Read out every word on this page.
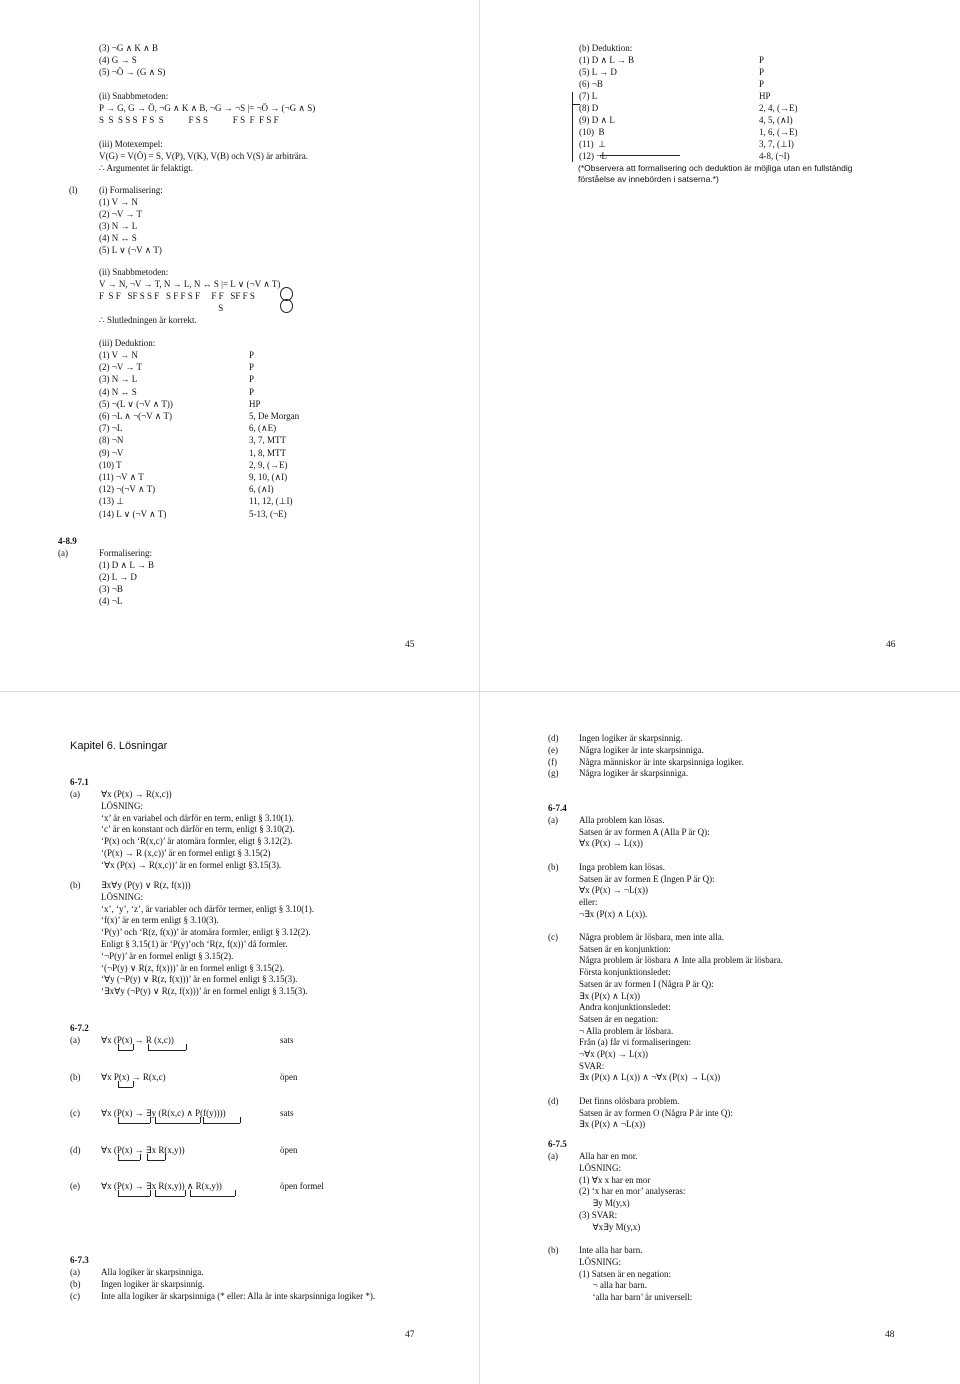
(3) ¬G ∧ K ∧ B
(4) G → S
(5) ¬Ö → (G ∧ S)
(ii) Snabbmetoden:
P → G, G → Ö, ¬G ∧ K ∧ B, ¬G → ¬S |= ¬Ö → (¬G ∧ S)
S  S  S S S  F S  S           F S S           F S  F  F S F
(iii) Motexempel:
V(G) = V(Ö) = S, V(P), V(K), V(B) och V(S) är arbiträra.
∴ Argumentet är felaktigt.
(l) (i) Formalisering:
(1) V → N
(2) ¬V → T
(3) N → L
(4) N ↔ S
(5) L ∨ (¬V ∧ T)
(ii) Snabbmetoden:
V → N, ¬V → T, N → L, N ↔ S |= L ∨ (¬V ∧ T)
F  S F   SF S S F   S F F S F     F F   SF F S
S
∴ Slutledningen är korrekt.
(iii) Deduktion:
(1) V → N	P
(2) ¬V → T	P
(3) N → L	P
(4) N ↔ S	P
(5) ¬(L ∨ (¬V ∧ T))	HP
(6) ¬L ∧ ¬(¬V ∧ T)	5, De Morgan
(7) ¬L	6, (∧E)
(8) ¬N	3, 7, MTT
(9) ¬V	1, 8, MTT
(10) T	2, 9, (→E)
(11) ¬V ∧ T	9, 10, (∧I)
(12) ¬(¬V ∧ T)	6, (∧I)
(13) ⊥	11, 12, (⊥I)
(14) L ∨ (¬V ∧ T)	5-13, (¬E)
4-8.9
(a)	Formalisering:
(1) D ∧ L → B
(2) L → D
(3) ¬B
(4) ¬L
45
(b) Deduktion:
(1) D ∧ L → B	P
(5) L → D	P
(6) ¬B	P
(7) L	HP
(8) D	2, 4, (→E)
(9) D ∧ L	4, 5, (∧I)
(10)  B	1, 6, (→E)
(11)  ⊥	3, 7, (⊥I)
(12) ¬L	4-8, (¬I)
(*Observera att formalisering och deduktion är möjliga utan en fullständig
förståelse av innebörden i satserna.*)
46
Kapitel 6. Lösningar
6-7.1
(a) ∀x (P(x) → R(x,c))
LÖSNING:
‘x’ är en variabel och därför en term, enligt § 3.10(1).
‘c’ är en konstant och därför en term, enligt § 3.10(2).
‘P(x) och ‘R(x,c)’ är atomära formler, eligt § 3.12(2).
‘(P(x) → R (x,c))’ är en formel enligt § 3.15(2)
‘∀x (P(x) → R(x,c))’ är en formel enligt §3.15(3).
(b) ∃x∀y (P(y) ∨ R(z, f(x)))
LÖSNING:
‘x’, ‘y’, ‘z’, är variabler och därför termer, enligt § 3.10(1).
‘f(x)’ är en term enligt § 3.10(3).
‘P(y)’ och ‘R(z, f(x))’ är atomära formler, enligt § 3.12(2).
Enligt § 3.15(1) är ‘P(y)’och ‘R(z, f(x))’ då formler.
‘¬P(y)’ är en formel enligt § 3.15(2).
‘(¬P(y) ∨ R(z, f(x)))’ är en formel enligt § 3.15(2).
‘∀y (¬P(y) ∨ R(z, f(x)))’ är en formel enligt § 3.15(3).
‘∃x∀y (¬P(y) ∨ R(z, f(x)))’ är en formel enligt § 3.15(3).
6-7.2
(a) ∀x (P(x) → R (x,c))	sats
(b) ∀x P(x) → R(x,c)	öpen
(c) ∀x (P(x) → ∃y (R(x,c) ∧ P(f(y))))	sats
(d) ∀x (P(x) → ∃x R(x,y))	öpen
(e) ∀x (P(x) → ∃x R(x,y)) ∧ R(x,y))	öpen formel
6-7.3
(a) Alla logiker är skarpsinniga.
(b) Ingen logiker är skarpsinnig.
(c) Inte alla logiker är skarpsinniga (* eller: Alla är inte skarpsinniga logiker *).
47
(d) Ingen logiker är skarpsinnig.
(e) Några logiker är inte skarpsinniga.
(f) Några människor är inte skarpsinniga logiker.
(g) Några logiker är skarpsinniga.
6-7.4
(a) Alla problem kan lösas.
Satsen är av formen A (Alla P är Q):
∀x (P(x) → L(x))
(b) Inga problem kan lösas.
Satsen är av formen E (Ingen P är Q):
∀x (P(x) → ¬L(x))
eller:
¬∃x (P(x) ∧ L(x)).
(c) Några problem är lösbara, men inte alla.
Satsen är en konjunktion:
Några problem är lösbara ∧ Inte alla problem är lösbara.
Första konjunktionsledet:
Satsen är av formen I (Några P är Q):
∃x (P(x) ∧ L(x))
Andra konjunktionsledet:
Satsen är en negation:
¬ Alla problem är lösbara.
Från (a) får vi formaliseringen:
¬∀x (P(x) → L(x))
SVAR:
∃x (P(x) ∧ L(x)) ∧ ¬∀x (P(x) → L(x))
(d) Det finns olösbara problem.
Satsen är av formen O (Några P är inte Q):
∃x (P(x) ∧ ¬L(x))
6-7.5
(a) Alla har en mor.
LÖSNING:
(1) ∀x x har en mor
(2) ‘x har en mor’ analyseras:
∃y M(y,x)
(3) SVAR:
∀x∃y M(y,x)
(b) Inte alla har barn.
LÖSNING:
(1) Satsen är en negation:
¬ alla har barn.
‘alla har barn’ är universell:
48
